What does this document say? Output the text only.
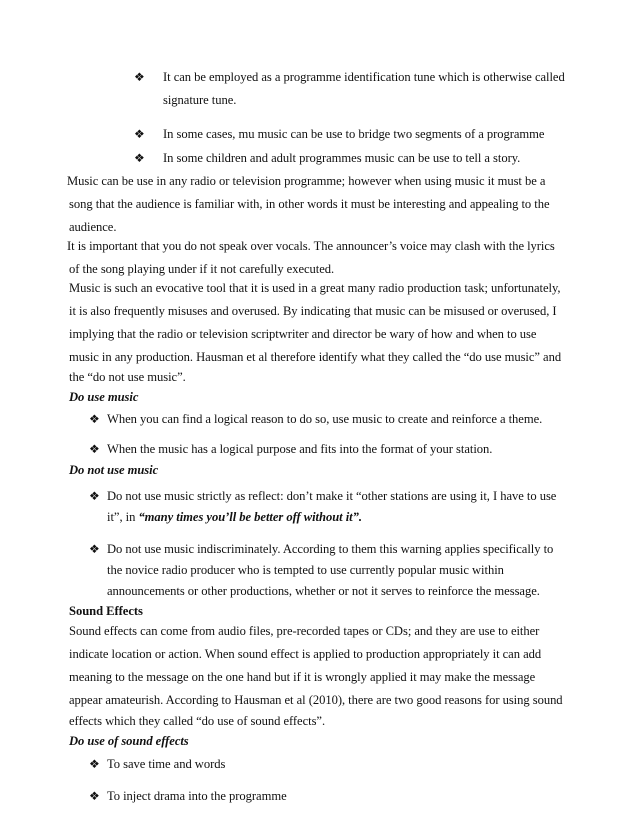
❖ It can be employed as a programme identification tune which is otherwise called
signature tune.
❖ In some cases, mu music can be use to bridge two segments of a programme
❖ In some children and adult programmes music can be use to tell a story.
Music can be use in any radio or television programme; however when using music it must be a
song that the audience is familiar with, in other words it must be interesting and appealing to the
audience.
It is important that you do not speak over vocals. The announcer’s voice may clash with the lyrics
of the song playing under if it not carefully executed.
Music is such an evocative tool that it is used in a great many radio production task; unfortunately,
it is also frequently misuses and overused. By indicating that music can be misused or overused, I
implying that the radio or television scriptwriter and director be wary of how and when to use
music in any production. Hausman et al therefore identify what they called the “do use music” and
the “do not use music”.
Do use music
❖ When you can find a logical reason to do so, use music to create and reinforce a theme.
❖ When the music has a logical purpose and fits into the format of your station.
Do not use music
❖ Do not use music strictly as reflect: don’t make it “other stations are using it, I have to use
it”, in “many times you’ll be better off without it”.
❖ Do not use music indiscriminately. According to them this warning applies specifically to
the novice radio producer who is tempted to use currently popular music within
announcements or other productions, whether or not it serves to reinforce the message.
Sound Effects
Sound effects can come from audio files, pre-recorded tapes or CDs; and they are use to either
indicate location or action. When sound effect is applied to production appropriately it can add
meaning to the message on the one hand but if it is wrongly applied it may make the message
appear amateurish. According to Hausman et al (2010), there are two good reasons for using sound
effects which they called “do use of sound effects”.
Do use of sound effects
❖ To save time and words
❖ To inject drama into the programme
